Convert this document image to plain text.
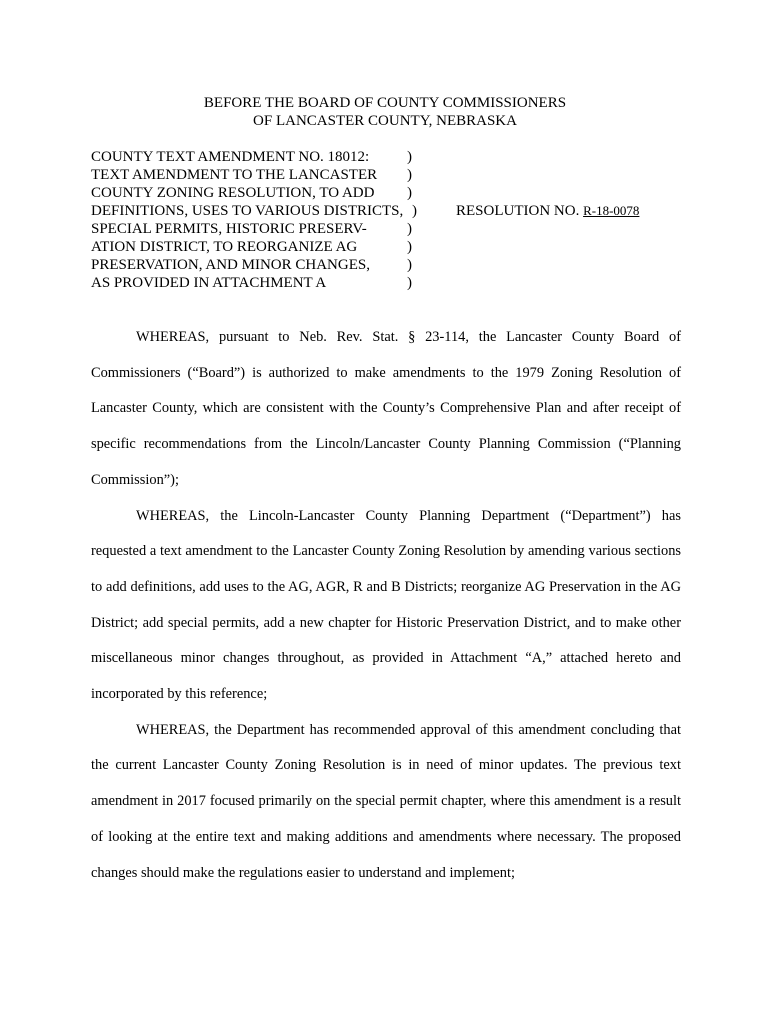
BEFORE THE BOARD OF COUNTY COMMISSIONERS
OF LANCASTER COUNTY, NEBRASKA
COUNTY TEXT AMENDMENT NO. 18012:
TEXT AMENDMENT TO THE LANCASTER
COUNTY ZONING RESOLUTION, TO ADD
DEFINITIONS, USES TO VARIOUS DISTRICTS,
SPECIAL PERMITS, HISTORIC PRESERV-
ATION DISTRICT, TO REORGANIZE AG
PRESERVATION, AND MINOR CHANGES,
AS PROVIDED IN ATTACHMENT A
)
)
)
)
)
)
)
)
RESOLUTION NO. R-18-0078

WHEREAS, pursuant to Neb. Rev. Stat. § 23-114, the Lancaster County Board of Commissioners (“Board”) is authorized to make amendments to the 1979 Zoning Resolution of Lancaster County, which are consistent with the County’s Comprehensive Plan and after receipt of specific recommendations from the Lincoln/Lancaster County Planning Commission (“Planning Commission”);

WHEREAS, the Lincoln-Lancaster County Planning Department (“Department”) has requested a text amendment to the Lancaster County Zoning Resolution by amending various sections to add definitions, add uses to the AG, AGR, R and B Districts; reorganize AG Preservation in the AG District; add special permits, add a new chapter for Historic Preservation District, and to make other miscellaneous minor changes throughout, as provided in Attachment “A,” attached hereto and incorporated by this reference;

WHEREAS, the Department has recommended approval of this amendment concluding that the current Lancaster County Zoning Resolution is in need of minor updates. The previous text amendment in 2017 focused primarily on the special permit chapter, where this amendment is a result of looking at the entire text and making additions and amendments where necessary. The proposed changes should make the regulations easier to understand and implement;
